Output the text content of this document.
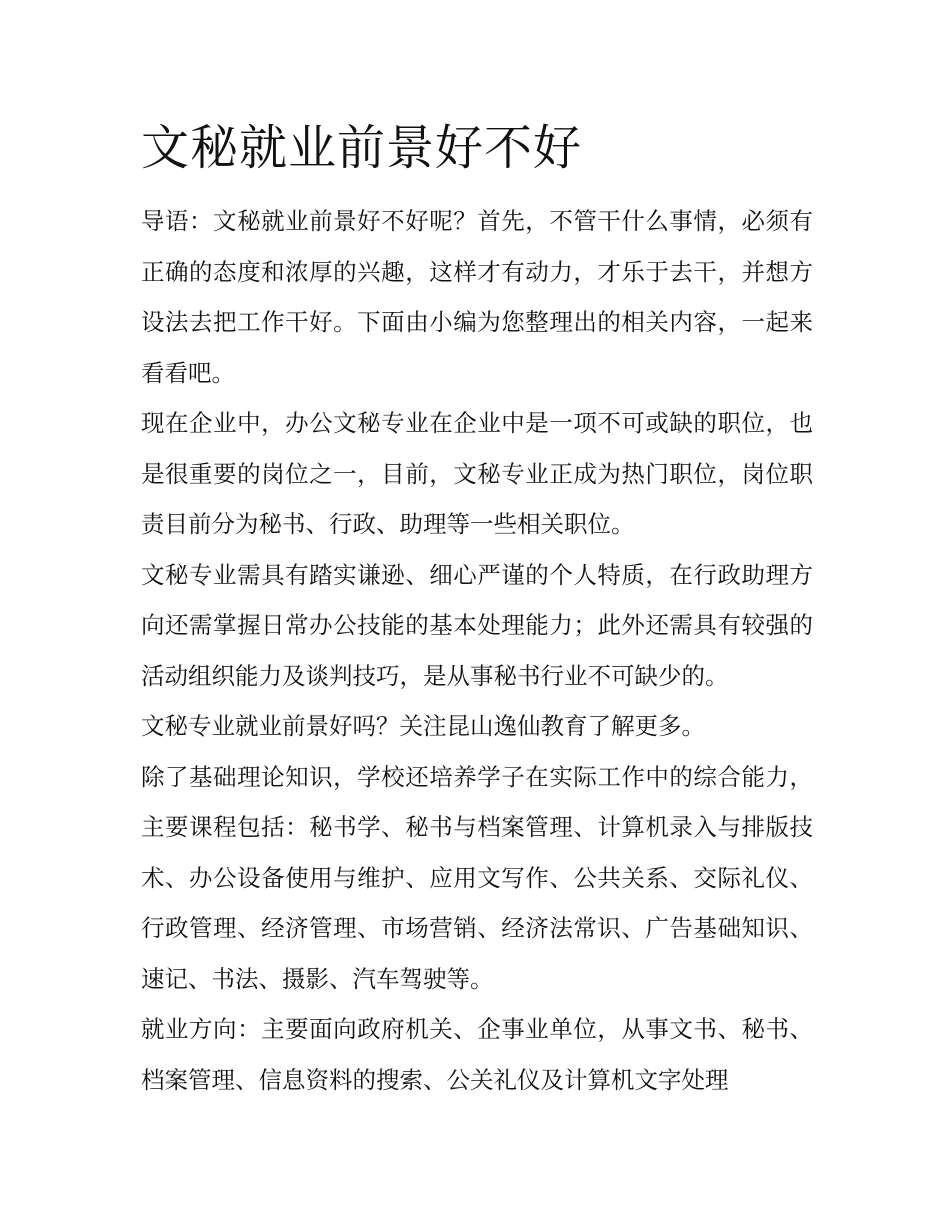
文秘就业前景好不好

导语：文秘就业前景好不好呢？首先，不管干什么事情，必须有正确的态度和浓厚的兴趣，这样才有动力，才乐于去干，并想方设法去把工作干好。下面由小编为您整理出的相关内容，一起来看看吧。

现在企业中，办公文秘专业在企业中是一项不可或缺的职位，也是很重要的岗位之一，目前，文秘专业正成为热门职位，岗位职责目前分为秘书、行政、助理等一些相关职位。

文秘专业需具有踏实谦逊、细心严谨的个人特质，在行政助理方向还需掌握日常办公技能的基本处理能力；此外还需具有较强的活动组织能力及谈判技巧，是从事秘书行业不可缺少的。

文秘专业就业前景好吗？关注昆山逸仙教育了解更多。

除了基础理论知识，学校还培养学子在实际工作中的综合能力，主要课程包括：秘书学、秘书与档案管理、计算机录入与排版技术、办公设备使用与维护、应用文写作、公共关系、交际礼仪、行政管理、经济管理、市场营销、经济法常识、广告基础知识、速记、书法、摄影、汽车驾驶等。

就业方向：主要面向政府机关、企事业单位，从事文书、秘书、档案管理、信息资料的搜索、公关礼仪及计算机文字处理
